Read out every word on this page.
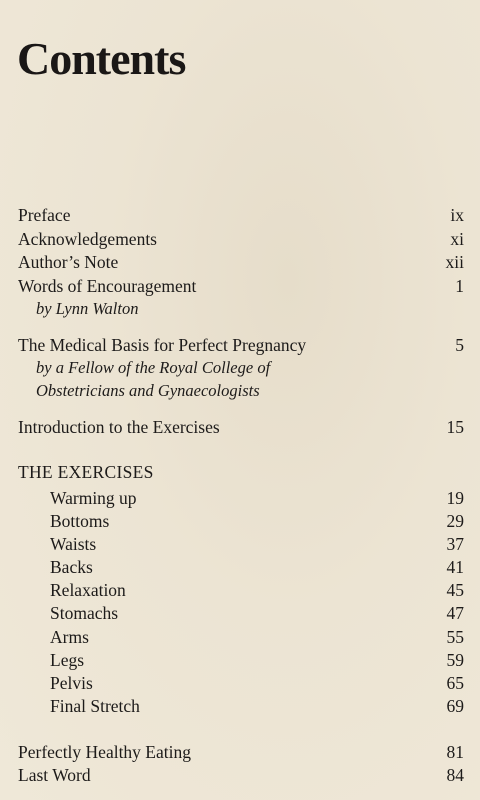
Contents
Preface	ix
Acknowledgements	xi
Author’s Note	xii
Words of Encouragement	1
by Lynn Walton
The Medical Basis for Perfect Pregnancy	5
by a Fellow of the Royal College of
Obstetricians and Gynaecologists
Introduction to the Exercises	15
THE EXERCISES
Warming up	19
Bottoms	29
Waists	37
Backs	41
Relaxation	45
Stomachs	47
Arms	55
Legs	59
Pelvis	65
Final Stretch	69
Perfectly Healthy Eating	81
Last Word	84
